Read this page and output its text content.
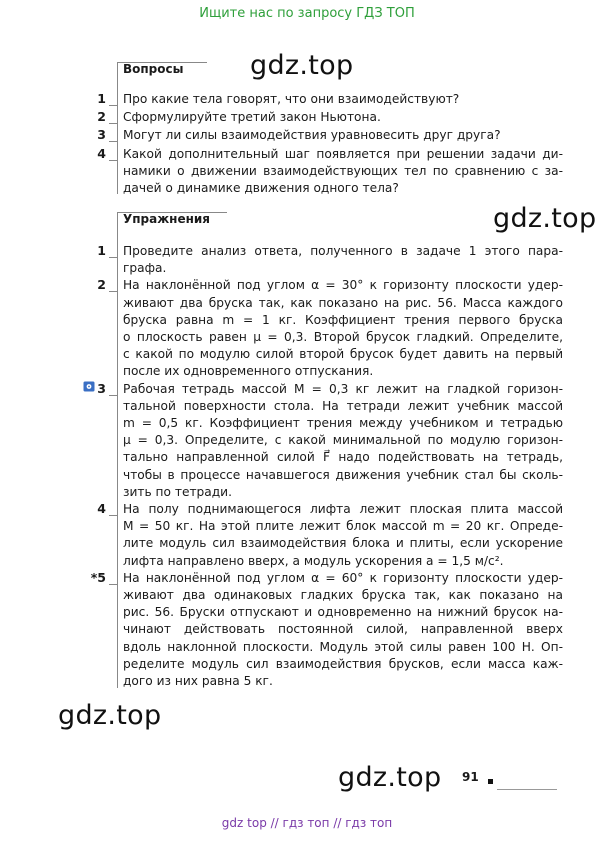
Ищите нас по запросу ГДЗ ТОП
gdz.top
gdz.top
gdz.top
gdz.top
Вопросы
1 Про какие тела говорят, что они взаимодействуют?
2 Сформулируйте третий закон Ньютона.
3 Могут ли силы взаимодействия уравновесить друг друга?
4 Какой дополнительный шаг появляется при решении задачи ди-
намики о движении взаимодействующих тел по сравнению с за-
дачей о динамике движения одного тела?
Упражнения
1 Проведите анализ ответа, полученного в задаче 1 этого пара-
графа.
2 На наклонённой под углом α = 30° к горизонту плоскости удер-
живают два бруска так, как показано на рис. 56. Масса каждого
бруска равна m = 1 кг. Коэффициент трения первого бруска
о плоскость равен μ = 0,3. Второй брусок гладкий. Определите,
с какой по модулю силой второй брусок будет давить на первый
после их одновременного отпускания.
3 Рабочая тетрадь массой M = 0,3 кг лежит на гладкой горизон-
тальной поверхности стола. На тетради лежит учебник массой
m = 0,5 кг. Коэффициент трения между учебником и тетрадью
μ = 0,3. Определите, с какой минимальной по модулю горизон-
тально направленной силой F⃗ надо подействовать на тетрадь,
чтобы в процессе начавшегося движения учебник стал бы сколь-
зить по тетради.
4 На полу поднимающегося лифта лежит плоская плита массой
M = 50 кг. На этой плите лежит блок массой m = 20 кг. Опреде-
лите модуль сил взаимодействия блока и плиты, если ускорение
лифта направлено вверх, а модуль ускорения a = 1,5 м/с².
*5 На наклонённой под углом α = 60° к горизонту плоскости удер-
живают два одинаковых гладких бруска так, как показано на
рис. 56. Бруски отпускают и одновременно на нижний брусок на-
чинают действовать постоянной силой, направленной вверх
вдоль наклонной плоскости. Модуль этой силы равен 100 Н. Оп-
ределите модуль сил взаимодействия брусков, если масса каж-
дого из них равна 5 кг.
91
gdz top // гдз топ // гдз топ
